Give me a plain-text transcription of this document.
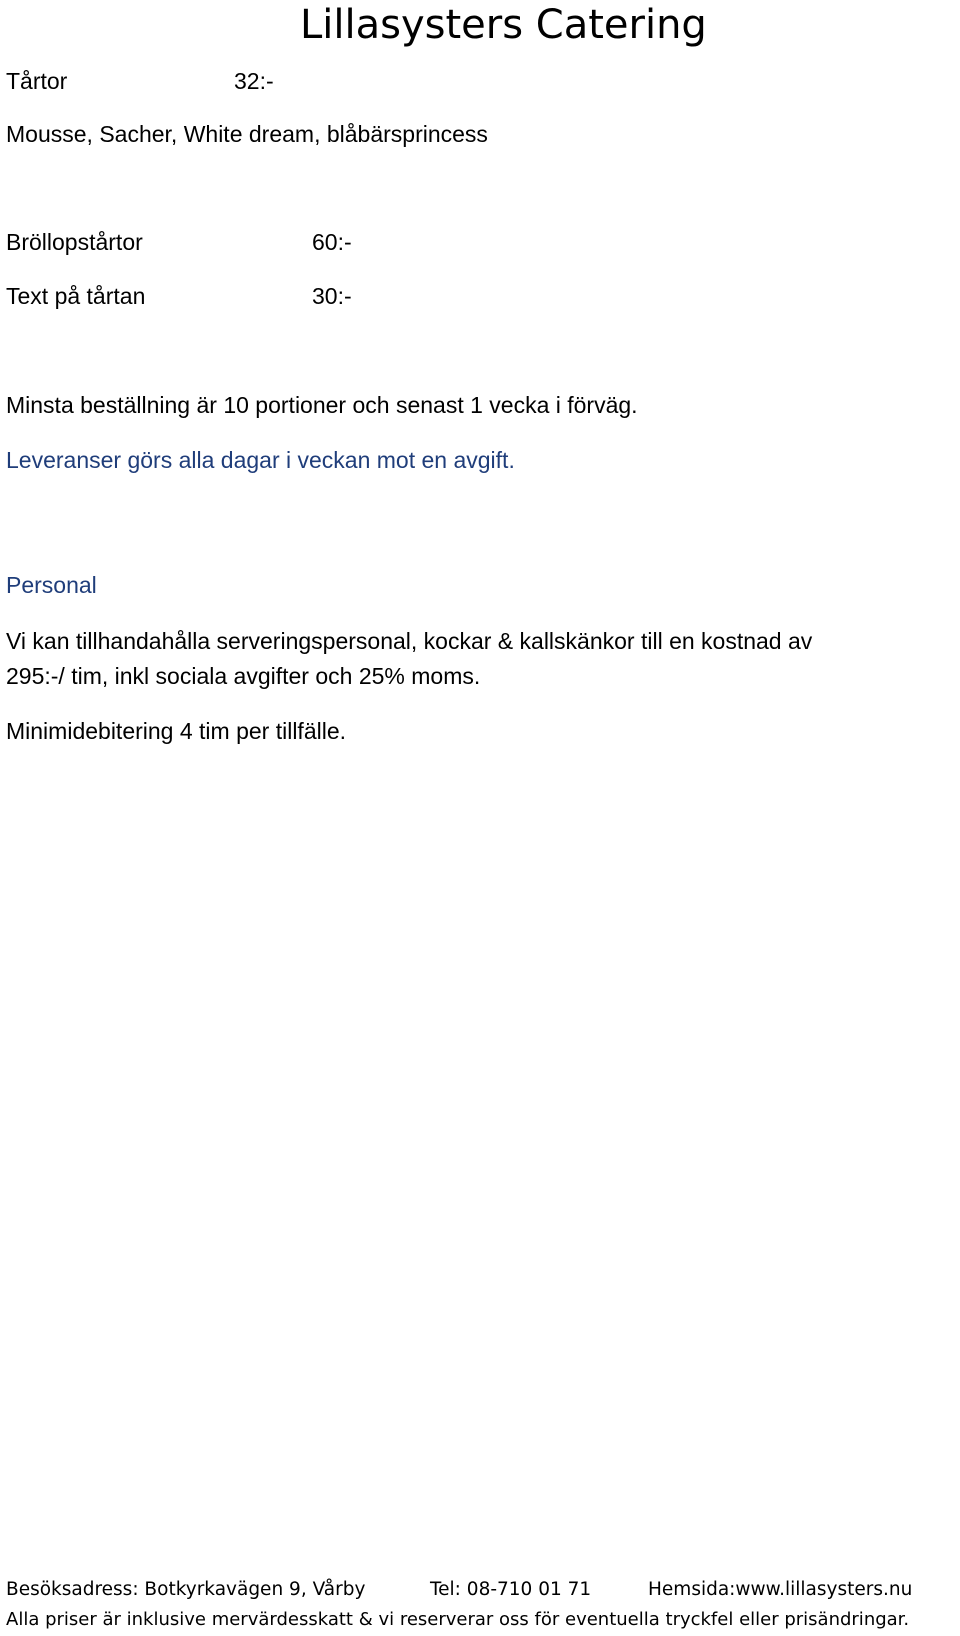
Lillasysters Catering
Tårtor	32:-
Mousse, Sacher, White dream, blåbärsprincess
Bröllopstårtor	60:-
Text på tårtan	30:-
Minsta beställning är 10 portioner och senast 1 vecka i förväg.
Leveranser görs alla dagar i veckan mot en avgift.
Personal
Vi kan tillhandahålla serveringspersonal, kockar & kallskänkor till en kostnad av
295:-/ tim, inkl sociala avgifter och 25% moms.
Minimidebitering 4 tim per tillfälle.
Besöksadress: Botkyrkavägen 9, Vårby	Tel: 08-710 01 71	Hemsida:www.lillasysters.nu
Alla priser är inklusive mervärdesskatt & vi reserverar oss för eventuella tryckfel eller prisändringar.
